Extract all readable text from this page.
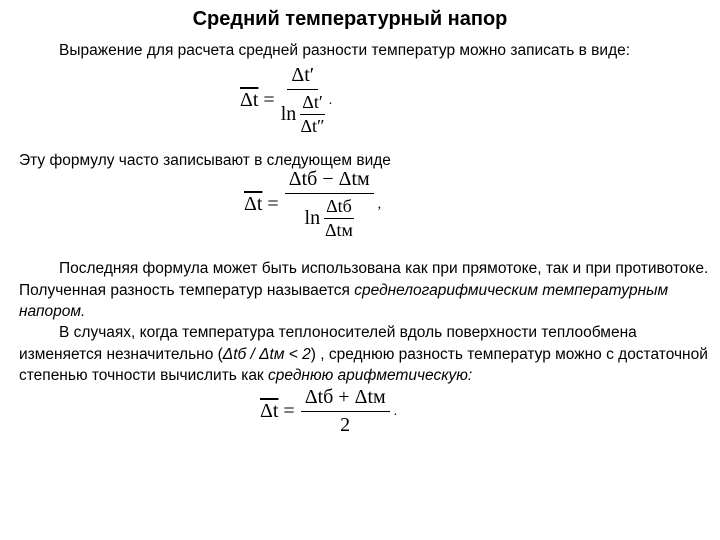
Средний температурный напор

Выражение для расчета средней разности температур можно записать в виде:

$\overline{\Delta t} = \frac{\Delta t'}{\ln \frac{\Delta t'}{\Delta t''}}$ .

Эту формулу часто записывают в следующем виде

$\overline{\Delta t} = \frac{\text{Δtб − Δtм}}{\ln \frac{\text{Δtб}}{\text{Δtм}}}$ ,

Последняя формула может быть использована как при прямотоке, так и при противотоке. Полученная разность температур называется среднелогарифмическим температурным напором.

В случаях, когда температура теплоносителей вдоль поверхности теплообмена изменяется незначительно (Δtб / Δtм < 2) , среднюю разность температур можно с достаточной степенью точности вычислить как среднюю арифметическую:

$\overline{\Delta t} = \frac{\text{Δtб + Δtм}}{2}$ .
